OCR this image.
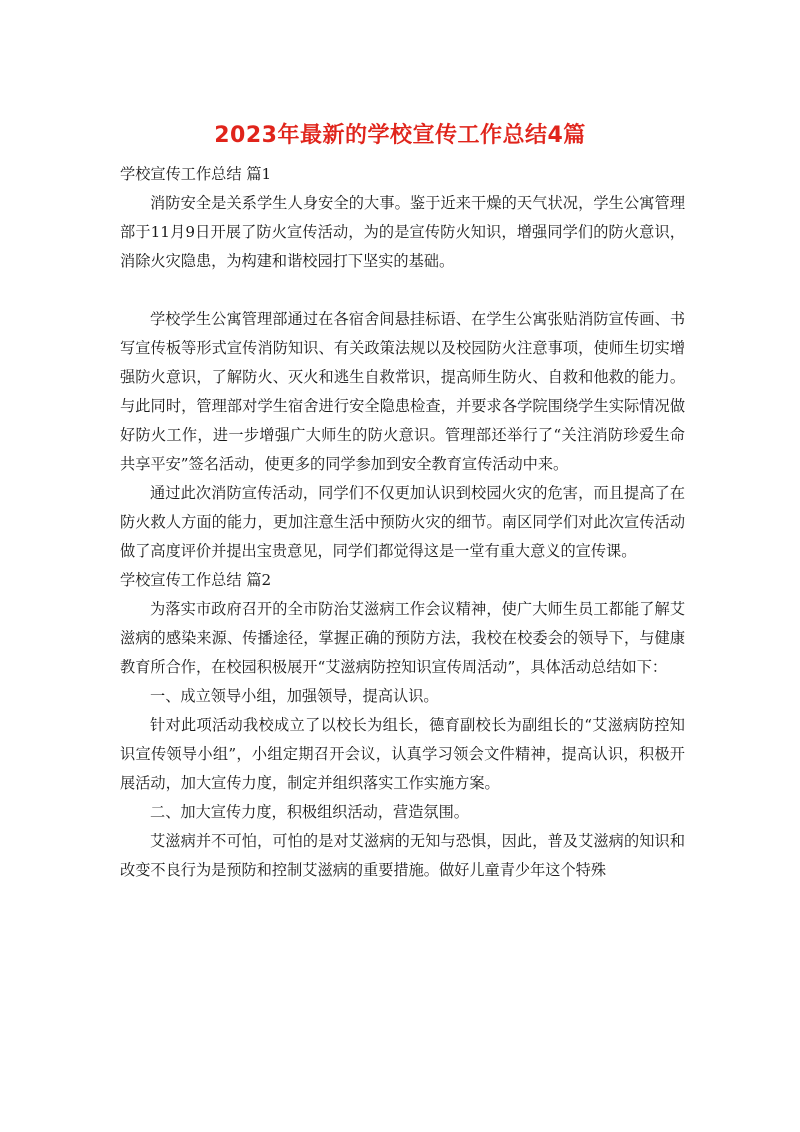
2023年最新的学校宣传工作总结4篇

学校宣传工作总结 篇1

消防安全是关系学生人身安全的大事。鉴于近来干燥的天气状况，学生公寓管理部于11月9日开展了防火宣传活动，为的是宣传防火知识，增强同学们的防火意识，消除火灾隐患，为构建和谐校园打下坚实的基础。

学校学生公寓管理部通过在各宿舍间悬挂标语、在学生公寓张贴消防宣传画、书写宣传板等形式宣传消防知识、有关政策法规以及校园防火注意事项，使师生切实增强防火意识，了解防火、灭火和逃生自救常识，提高师生防火、自救和他救的能力。与此同时，管理部对学生宿舍进行安全隐患检查，并要求各学院围绕学生实际情况做好防火工作，进一步增强广大师生的防火意识。管理部还举行了“关注消防珍爱生命 共享平安”签名活动，使更多的同学参加到安全教育宣传活动中来。

通过此次消防宣传活动，同学们不仅更加认识到校园火灾的危害，而且提高了在防火救人方面的能力，更加注意生活中预防火灾的细节。南区同学们对此次宣传活动做了高度评价并提出宝贵意见，同学们都觉得这是一堂有重大意义的宣传课。

学校宣传工作总结 篇2

为落实市政府召开的全市防治艾滋病工作会议精神，使广大师生员工都能了解艾滋病的感染来源、传播途径，掌握正确的预防方法，我校在校委会的领导下，与健康教育所合作，在校园积极展开“艾滋病防控知识宣传周活动”，具体活动总结如下：

一、成立领导小组，加强领导，提高认识。

针对此项活动我校成立了以校长为组长，德育副校长为副组长的“艾滋病防控知识宣传领导小组”，小组定期召开会议，认真学习领会文件精神，提高认识，积极开展活动，加大宣传力度，制定并组织落实工作实施方案。

二、加大宣传力度，积极组织活动，营造氛围。

艾滋病并不可怕，可怕的是对艾滋病的无知与恐惧，因此，普及艾滋病的知识和改变不良行为是预防和控制艾滋病的重要措施。做好儿童青少年这个特殊
